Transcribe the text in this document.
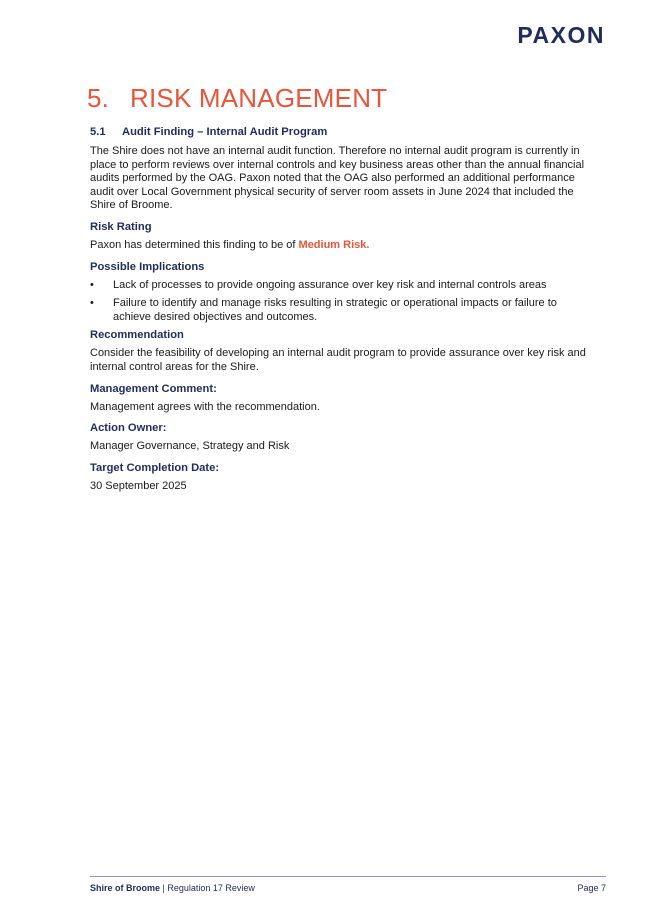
PAXON
5. RISK MANAGEMENT
5.1 Audit Finding – Internal Audit Program

The Shire does not have an internal audit function. Therefore no internal audit program is currently in place to perform reviews over internal controls and key business areas other than the annual financial audits performed by the OAG. Paxon noted that the OAG also performed an additional performance audit over Local Government physical security of server room assets in June 2024 that included the Shire of Broome.

Risk Rating

Paxon has determined this finding to be of Medium Risk.

Possible Implications
• Lack of processes to provide ongoing assurance over key risk and internal controls areas
• Failure to identify and manage risks resulting in strategic or operational impacts or failure to achieve desired objectives and outcomes.
Recommendation

Consider the feasibility of developing an internal audit program to provide assurance over key risk and internal control areas for the Shire.

Management Comment:

Management agrees with the recommendation.

Action Owner:

Manager Governance, Strategy and Risk

Target Completion Date:

30 September 2025

Shire of Broome | Regulation 17 Review	Page 7
